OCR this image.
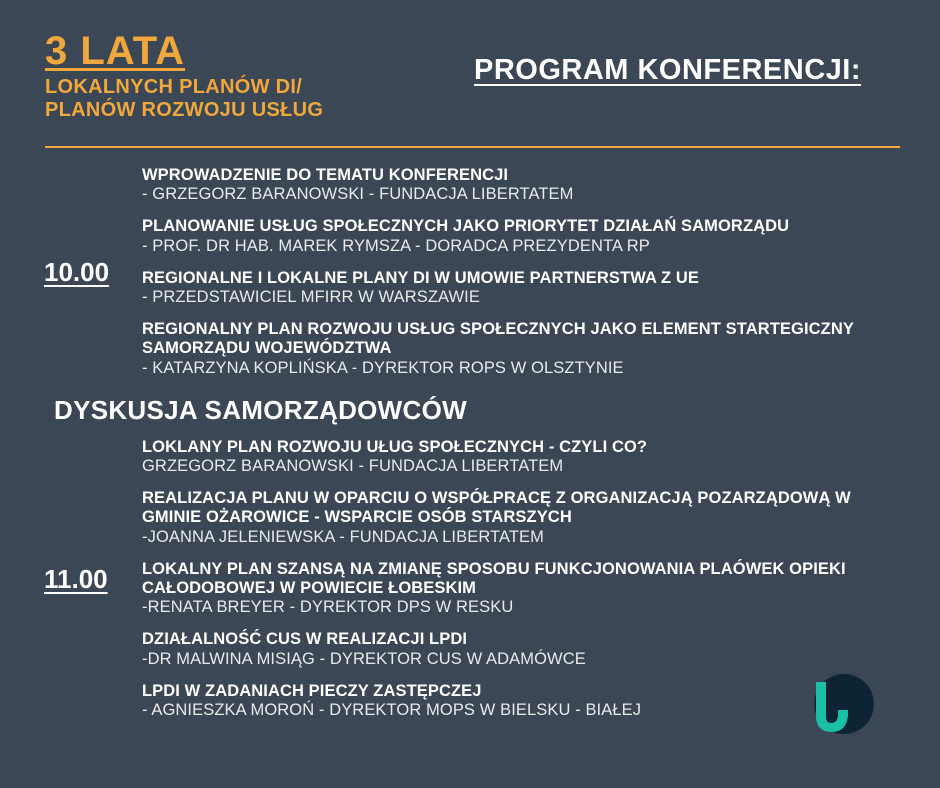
3 LATA
LOKALNYCH PLANÓW DI/
PLANÓW ROZWOJU USŁUG
PROGRAM KONFERENCJI:
10.00
WPROWADZENIE DO TEMATU KONFERENCJI
- GRZEGORZ BARANOWSKI - FUNDACJA LIBERTATEM
PLANOWANIE USŁUG SPOŁECZNYCH JAKO PRIORYTET DZIAŁAŃ SAMORZĄDU
- PROF. DR HAB. MAREK RYMSZA - DORADCA PREZYDENTA RP
REGIONALNE I LOKALNE PLANY DI W UMOWIE PARTNERSTWA Z UE
- PRZEDSTAWICIEL MFIRR W WARSZAWIE
REGIONALNY PLAN ROZWOJU USŁUG SPOŁECZNYCH JAKO ELEMENT STARTEGICZNY SAMORZĄDU WOJEWÓDZTWA
- KATARZYNA KOPLIŃSKA - DYREKTOR ROPS W OLSZTYNIE
DYSKUSJA SAMORZĄDOWCÓW
11.00
LOKLANY PLAN ROZWOJU UŁUG SPOŁECZNYCH - CZYLI CO?
GRZEGORZ BARANOWSKI - FUNDACJA LIBERTATEM
REALIZACJA PLANU W OPARCIU O WSPÓŁPRACĘ Z ORGANIZACJĄ POZARZĄDOWĄ W GMINIE OŻAROWICE - WSPARCIE OSÓB STARSZYCH
-JOANNA JELENIEWSKA - FUNDACJA LIBERTATEM
LOKALNY PLAN SZANSĄ NA ZMIANĘ SPOSOBU FUNKCJONOWANIA PLAÓWEK OPIEKI CAŁODOBOWEJ W POWIECIE ŁOBESKIM
-RENATA BREYER - DYREKTOR DPS W RESKU
DZIAŁALNOŚĆ CUS W REALIZACJI LPDI
-DR MALWINA MISIĄG - DYREKTOR CUS W ADAMÓWCE
LPDI W ZADANIACH PIECZY ZASTĘPCZEJ
- AGNIESZKA MOROŃ - DYREKTOR MOPS W BIELSKU - BIAŁEJ
